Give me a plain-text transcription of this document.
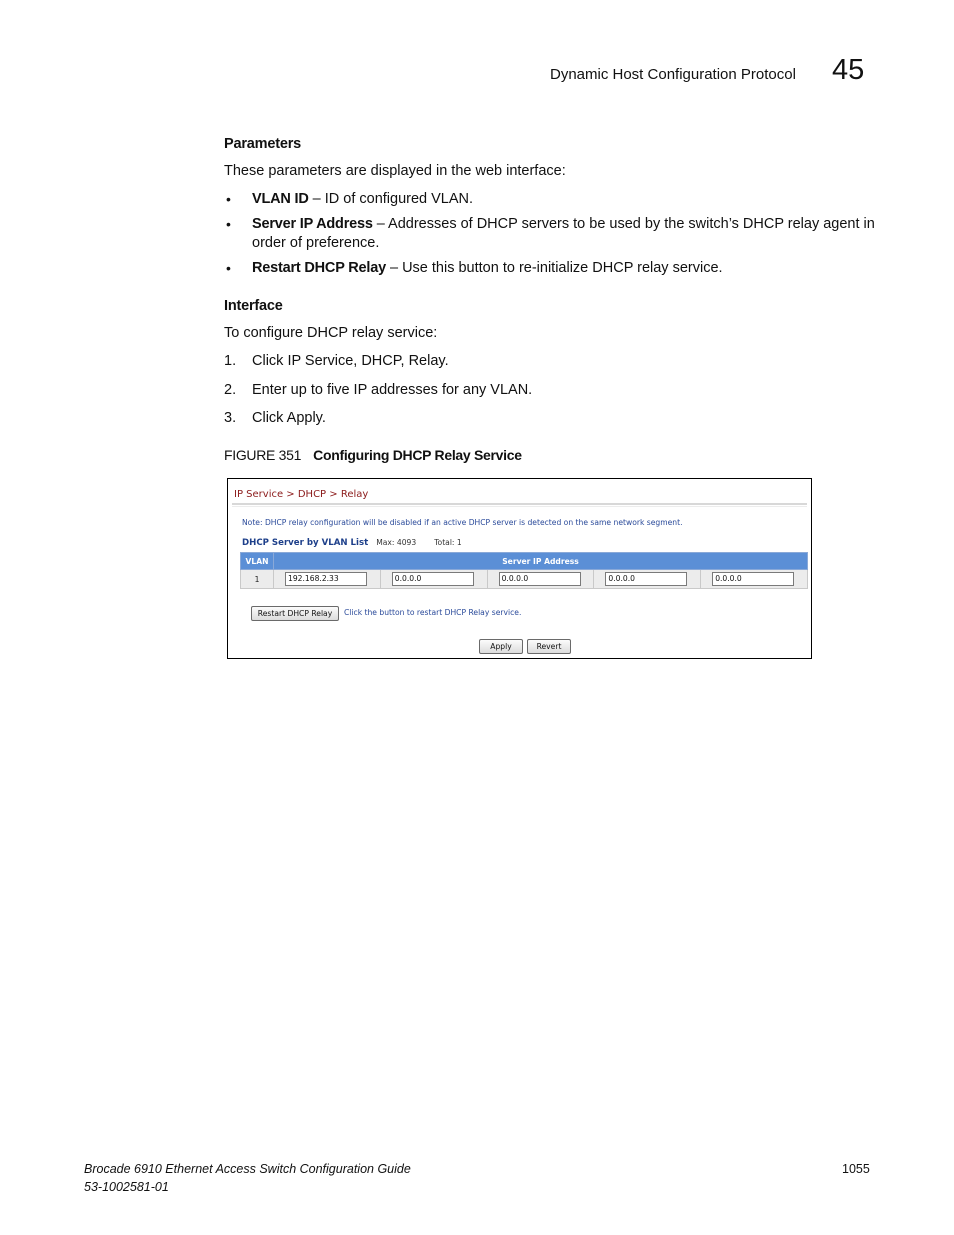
Dynamic Host Configuration Protocol 45
Parameters
These parameters are displayed in the web interface:
• VLAN ID – ID of configured VLAN.
• Server IP Address – Addresses of DHCP servers to be used by the switch’s DHCP relay agent in order of preference.
• Restart DHCP Relay – Use this button to re-initialize DHCP relay service.
Interface
To configure DHCP relay service:
1. Click IP Service, DHCP, Relay.
2. Enter up to five IP addresses for any VLAN.
3. Click Apply.
FIGURE 351 Configuring DHCP Relay Service
IP Service > DHCP > Relay
Note: DHCP relay configuration will be disabled if an active DHCP server is detected on the same network segment.
DHCP Server by VLAN List Max: 4093 Total: 1
VLAN	Server IP Address				
1	192.168.2.33	0.0.0.0	0.0.0.0	0.0.0.0	0.0.0.0
Restart DHCP Relay	Click the button to restart DHCP Relay service.
Apply	Revert
Brocade 6910 Ethernet Access Switch Configuration Guide
53-1002581-01
1055
